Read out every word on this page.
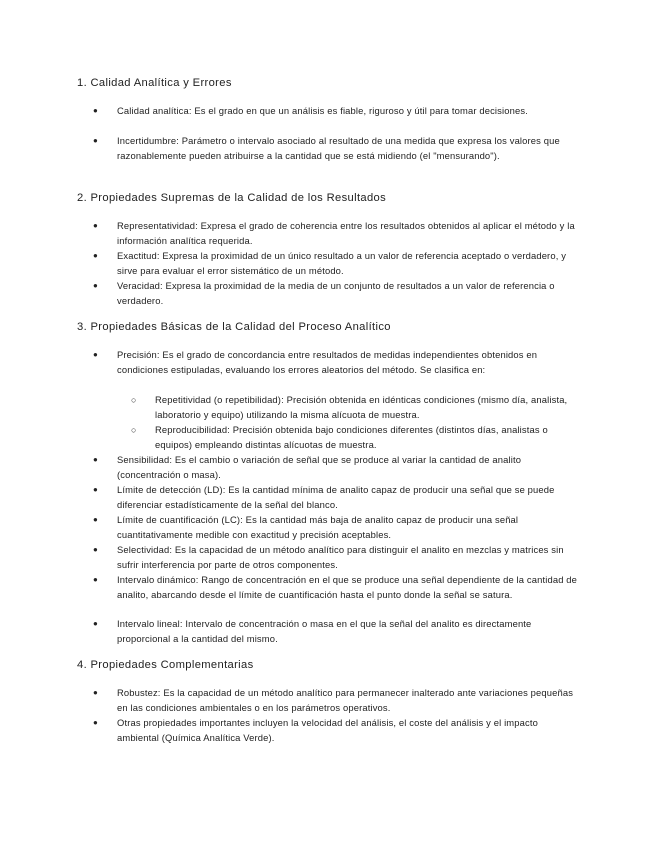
1. Calidad Analítica y Errores
● Calidad analítica: Es el grado en que un análisis es fiable, riguroso y útil para tomar decisiones.
● Incertidumbre: Parámetro o intervalo asociado al resultado de una medida que expresa los valores que razonablemente pueden atribuirse a la cantidad que se está midiendo (el "mensurando").
2. Propiedades Supremas de la Calidad de los Resultados
● Representatividad: Expresa el grado de coherencia entre los resultados obtenidos al aplicar el método y la información analítica requerida.
● Exactitud: Expresa la proximidad de un único resultado a un valor de referencia aceptado o verdadero, y sirve para evaluar el error sistemático de un método.
● Veracidad: Expresa la proximidad de la media de un conjunto de resultados a un valor de referencia o verdadero.
3. Propiedades Básicas de la Calidad del Proceso Analítico
● Precisión: Es el grado de concordancia entre resultados de medidas independientes obtenidos en condiciones estipuladas, evaluando los errores aleatorios del método. Se clasifica en:
○ Repetitividad (o repetibilidad): Precisión obtenida en idénticas condiciones (mismo día, analista, laboratorio y equipo) utilizando la misma alícuota de muestra.
○ Reproducibilidad: Precisión obtenida bajo condiciones diferentes (distintos días, analistas o equipos) empleando distintas alícuotas de muestra.
● Sensibilidad: Es el cambio o variación de señal que se produce al variar la cantidad de analito (concentración o masa).
● Límite de detección (LD): Es la cantidad mínima de analito capaz de producir una señal que se puede diferenciar estadísticamente de la señal del blanco.
● Límite de cuantificación (LC): Es la cantidad más baja de analito capaz de producir una señal cuantitativamente medible con exactitud y precisión aceptables.
● Selectividad: Es la capacidad de un método analítico para distinguir el analito en mezclas y matrices sin sufrir interferencia por parte de otros componentes.
● Intervalo dinámico: Rango de concentración en el que se produce una señal dependiente de la cantidad de analito, abarcando desde el límite de cuantificación hasta el punto donde la señal se satura.
● Intervalo lineal: Intervalo de concentración o masa en el que la señal del analito es directamente proporcional a la cantidad del mismo.
4. Propiedades Complementarias
● Robustez: Es la capacidad de un método analítico para permanecer inalterado ante variaciones pequeñas en las condiciones ambientales o en los parámetros operativos.
● Otras propiedades importantes incluyen la velocidad del análisis, el coste del análisis y el impacto ambiental (Química Analítica Verde).
